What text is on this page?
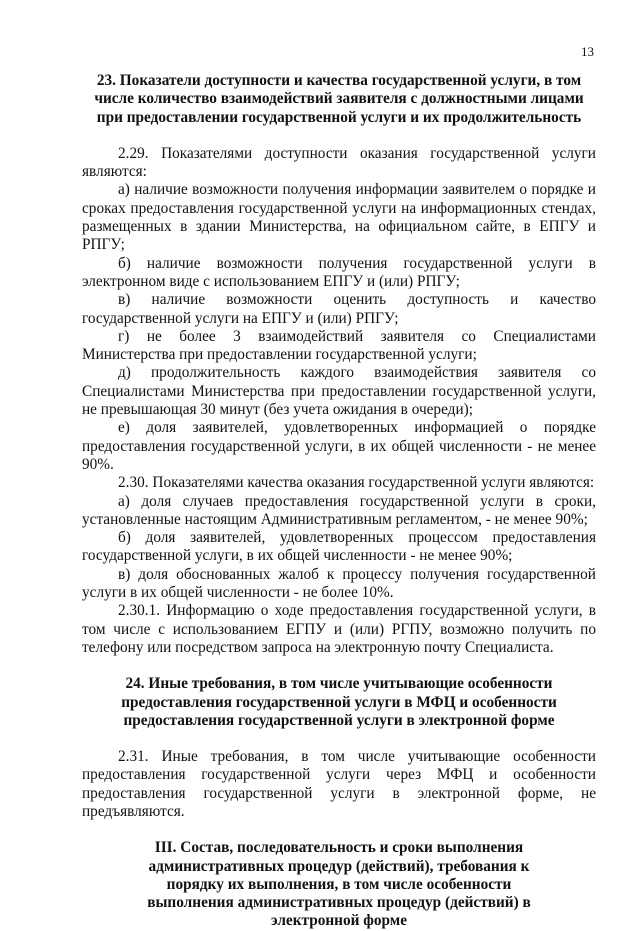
13

23. Показатели доступности и качества государственной услуги, в том числе количество взаимодействий заявителя с должностными лицами при предоставлении государственной услуги и их продолжительность

2.29. Показателями доступности оказания государственной услуги являются:

а) наличие возможности получения информации заявителем о порядке и сроках предоставления государственной услуги на информационных стендах, размещенных в здании Министерства, на официальном сайте, в ЕПГУ и РПГУ;

б) наличие возможности получения государственной услуги в электронном виде с использованием ЕПГУ и (или) РПГУ;

в) наличие возможности оценить доступность и качество государственной услуги на ЕПГУ и (или) РПГУ;

г) не более 3 взаимодействий заявителя со Специалистами Министерства при предоставлении государственной услуги;

д) продолжительность каждого взаимодействия заявителя со Специалистами Министерства при предоставлении государственной услуги, не превышающая 30 минут (без учета ожидания в очереди);

е) доля заявителей, удовлетворенных информацией о порядке предоставления государственной услуги, в их общей численности - не менее 90%.

2.30. Показателями качества оказания государственной услуги являются:

а) доля случаев предоставления государственной услуги в сроки, установленные настоящим Административным регламентом, - не менее 90%;

б) доля заявителей, удовлетворенных процессом предоставления государственной услуги, в их общей численности - не менее 90%;

в) доля обоснованных жалоб к процессу получения государственной услуги в их общей численности - не более 10%.

2.30.1. Информацию о ходе предоставления государственной услуги, в том числе с использованием ЕГПУ и (или) РГПУ, возможно получить по телефону или посредством запроса на электронную почту Специалиста.

24. Иные требования, в том числе учитывающие особенности предоставления государственной услуги в МФЦ и особенности предоставления государственной услуги в электронной форме

2.31. Иные требования, в том числе учитывающие особенности предоставления государственной услуги через МФЦ и особенности предоставления государственной услуги в электронной форме, не предъявляются.

III. Состав, последовательность и сроки выполнения административных процедур (действий), требования к порядку их выполнения, в том числе особенности выполнения административных процедур (действий) в электронной форме
